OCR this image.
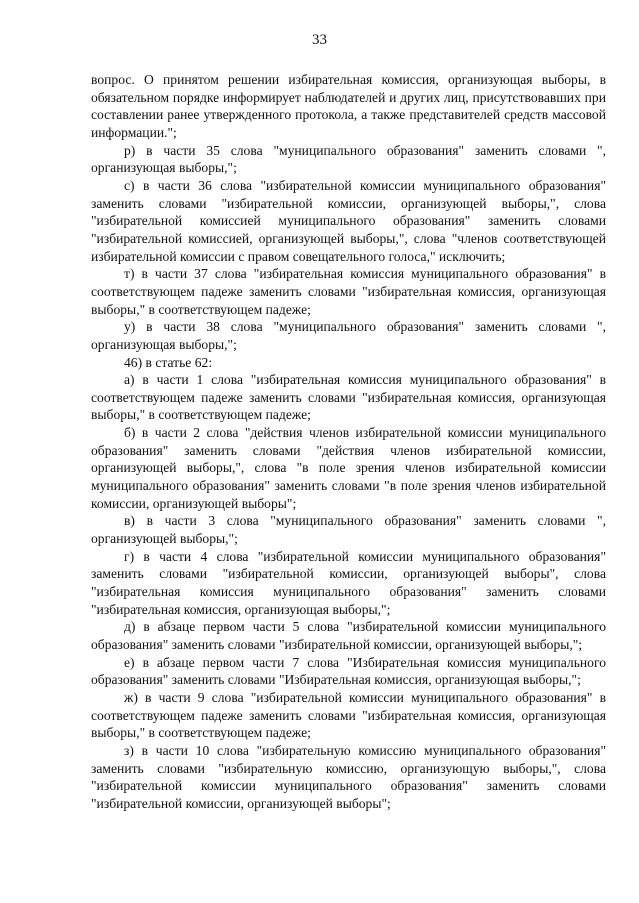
33

вопрос. О принятом решении избирательная комиссия, организующая выборы, в обязательном порядке информирует наблюдателей и других лиц, присутствовавших при составлении ранее утвержденного протокола, а также представителей средств массовой информации.";

р) в части 35 слова "муниципального образования" заменить словами ", организующая выборы,";

с) в части 36 слова "избирательной комиссии муниципального образования" заменить словами "избирательной комиссии, организующей выборы,", слова "избирательной комиссией муниципального образования" заменить словами "избирательной комиссией, организующей выборы,", слова "членов соответствующей избирательной комиссии с правом совещательного голоса," исключить;

т) в части 37 слова "избирательная комиссия муниципального образования" в соответствующем падеже заменить словами "избирательная комиссия, организующая выборы," в соответствующем падеже;

у) в части 38 слова "муниципального образования" заменить словами ", организующая выборы,";

46) в статье 62:

а) в части 1 слова "избирательная комиссия муниципального образования" в соответствующем падеже заменить словами "избирательная комиссия, организующая выборы," в соответствующем падеже;

б) в части 2 слова "действия членов избирательной комиссии муниципального образования" заменить словами "действия членов избирательной комиссии, организующей выборы,", слова "в поле зрения членов избирательной комиссии муниципального образования" заменить словами "в поле зрения членов избирательной комиссии, организующей выборы";

в) в части 3 слова "муниципального образования" заменить словами ", организующей выборы,";

г) в части 4 слова "избирательной комиссии муниципального образования" заменить словами "избирательной комиссии, организующей выборы", слова "избирательная комиссия муниципального образования" заменить словами "избирательная комиссия, организующая выборы,";

д) в абзаце первом части 5 слова "избирательной комиссии муниципального образования" заменить словами "избирательной комиссии, организующей выборы,";

е) в абзаце первом части 7 слова "Избирательная комиссия муниципального образования" заменить словами "Избирательная комиссия, организующая выборы,";

ж) в части 9 слова "избирательной комиссии муниципального образования" в соответствующем падеже заменить словами "избирательная комиссия, организующая выборы," в соответствующем падеже;

з) в части 10 слова "избирательную комиссию муниципального образования" заменить словами "избирательную комиссию, организующую выборы,", слова "избирательной комиссии муниципального образования" заменить словами "избирательной комиссии, организующей выборы";
